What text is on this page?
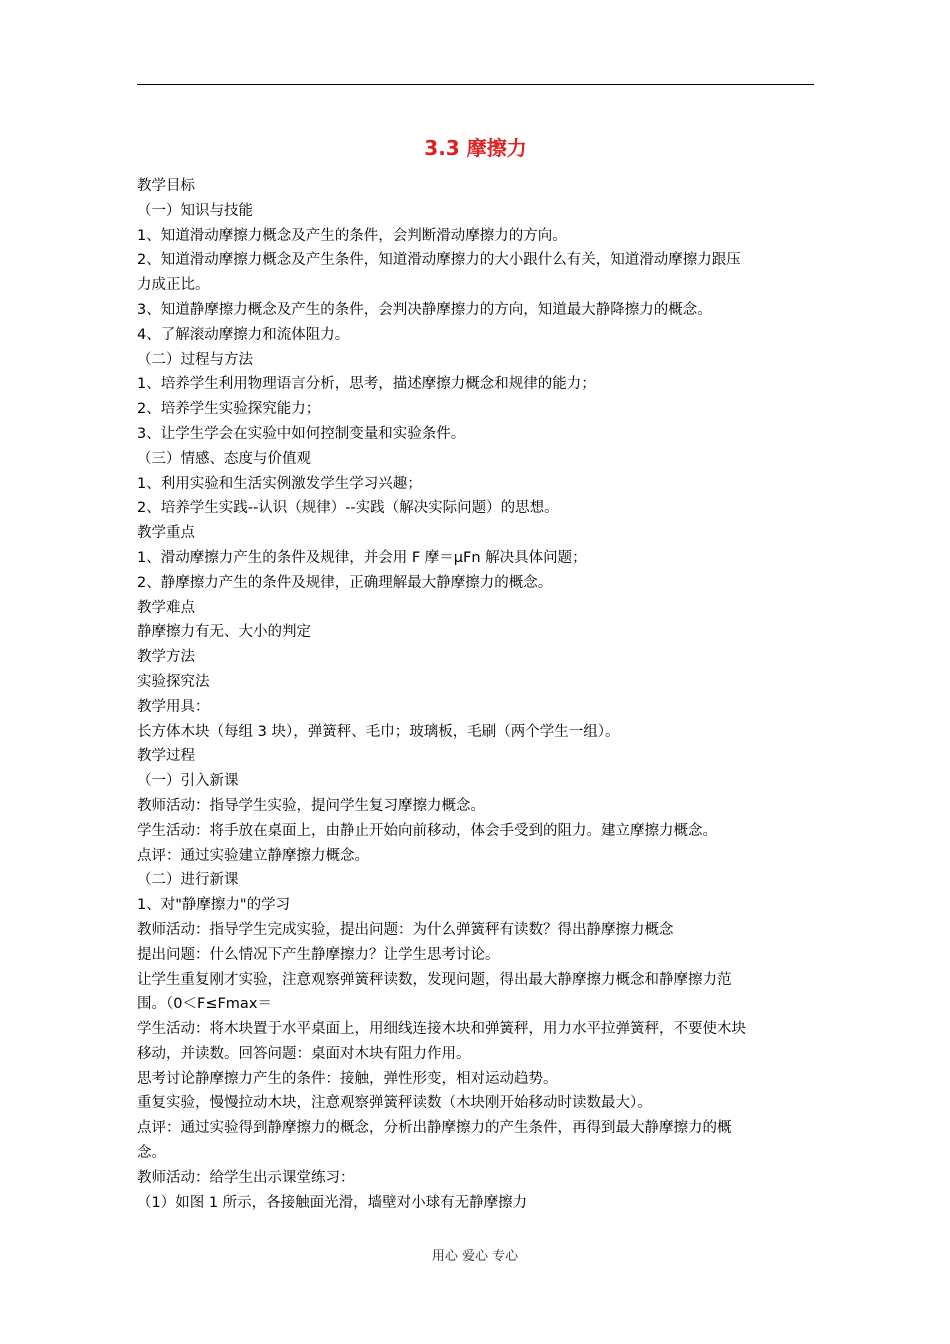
3.3 摩擦力
教学目标
（一）知识与技能
1、知道滑动摩擦力概念及产生的条件，会判断滑动摩擦力的方向。
2、知道滑动摩擦力概念及产生条件，知道滑动摩擦力的大小跟什么有关，知道滑动摩擦力跟压
力成正比。
3、知道静摩擦力概念及产生的条件，会判决静摩擦力的方向，知道最大静降擦力的概念。
4、了解滚动摩擦力和流体阻力。
（二）过程与方法
1、培养学生利用物理语言分析，思考，描述摩擦力概念和规律的能力；
2、培养学生实验探究能力；
3、让学生学会在实验中如何控制变量和实验条件。
（三）情感、态度与价值观
1、利用实验和生活实例激发学生学习兴趣；
2、培养学生实践--认识（规律）--实践（解决实际问题）的思想。
教学重点
1、滑动摩擦力产生的条件及规律，并会用 F 摩＝μFn 解决具体问题；
2、静摩擦力产生的条件及规律，正确理解最大静摩擦力的概念。
教学难点
静摩擦力有无、大小的判定
教学方法
实验探究法
教学用具：
长方体木块（每组 3 块），弹簧秤、毛巾；玻璃板，毛刷（两个学生一组）。
教学过程
（一）引入新课
教师活动：指导学生实验，提问学生复习摩擦力概念。
学生活动：将手放在桌面上，由静止开始向前移动，体会手受到的阻力。建立摩擦力概念。
点评：通过实验建立静摩擦力概念。
（二）进行新课
1、对"静摩擦力"的学习
教师活动：指导学生完成实验，提出问题：为什么弹簧秤有读数？得出静摩擦力概念
提出问题：什么情况下产生静摩擦力？让学生思考讨论。
让学生重复刚才实验，注意观察弹簧秤读数，发现问题，得出最大静摩擦力概念和静摩擦力范
围。（0＜F≤Fmax＝
学生活动：将木块置于水平桌面上，用细线连接木块和弹簧秤，用力水平拉弹簧秤，不要使木块
移动，并读数。回答问题：桌面对木块有阻力作用。
思考讨论静摩擦力产生的条件：接触，弹性形变，相对运动趋势。
重复实验，慢慢拉动木块，注意观察弹簧秤读数（木块刚开始移动时读数最大）。
点评：通过实验得到静摩擦力的概念，分析出静摩擦力的产生条件，再得到最大静摩擦力的概
念。
教师活动：给学生出示课堂练习：
（1）如图 1 所示，各接触面光滑，墙壁对小球有无静摩擦力
用心 爱心 专心
